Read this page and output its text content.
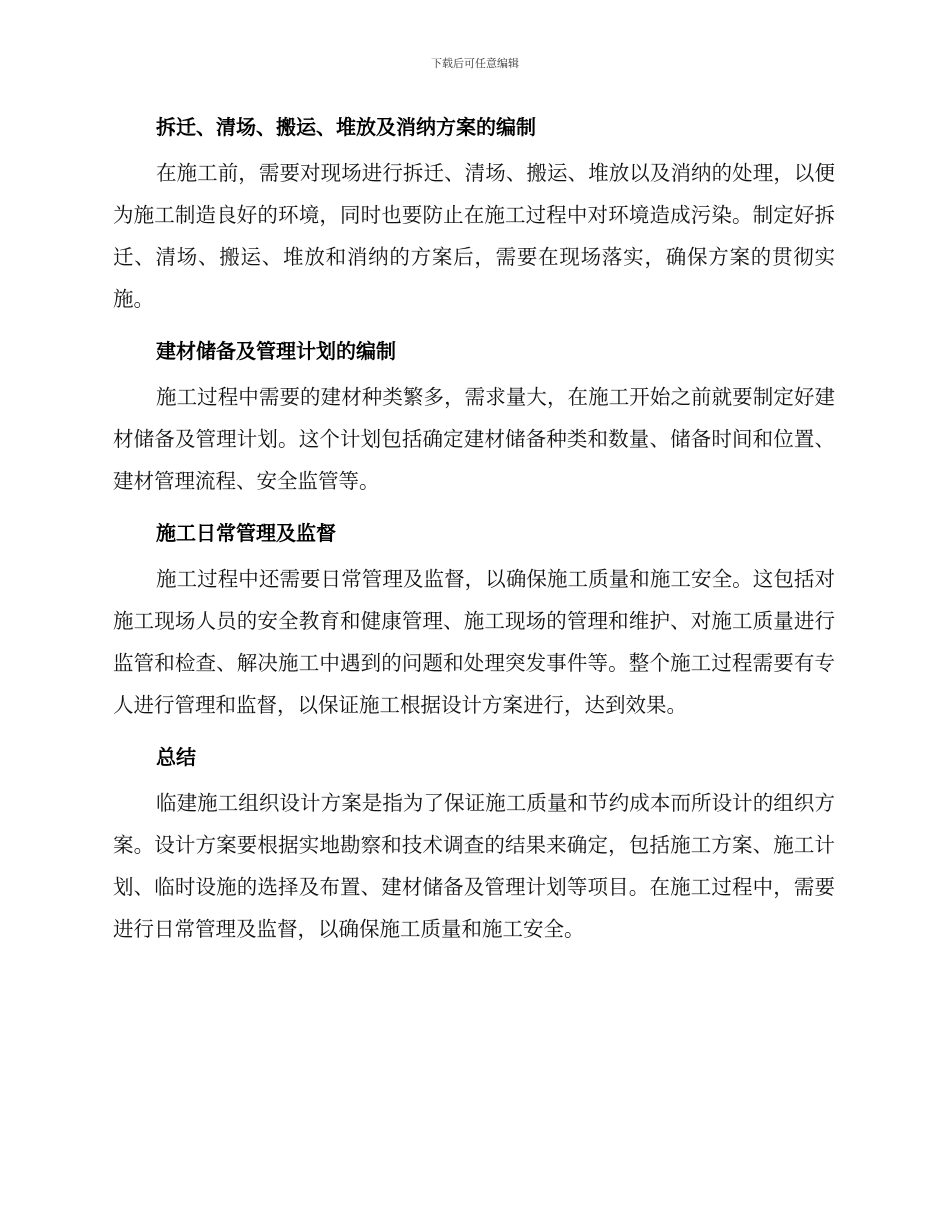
下载后可任意编辑
拆迁、清场、搬运、堆放及消纳方案的编制

在施工前，需要对现场进行拆迁、清场、搬运、堆放以及消纳的处理，以便为施工制造良好的环境，同时也要防止在施工过程中对环境造成污染。制定好拆迁、清场、搬运、堆放和消纳的方案后，需要在现场落实，确保方案的贯彻实施。

建材储备及管理计划的编制

施工过程中需要的建材种类繁多，需求量大，在施工开始之前就要制定好建材储备及管理计划。这个计划包括确定建材储备种类和数量、储备时间和位置、建材管理流程、安全监管等。

施工日常管理及监督

施工过程中还需要日常管理及监督，以确保施工质量和施工安全。这包括对施工现场人员的安全教育和健康管理、施工现场的管理和维护、对施工质量进行监管和检查、解决施工中遇到的问题和处理突发事件等。整个施工过程需要有专人进行管理和监督，以保证施工根据设计方案进行，达到效果。

总结

临建施工组织设计方案是指为了保证施工质量和节约成本而所设计的组织方案。设计方案要根据实地勘察和技术调查的结果来确定，包括施工方案、施工计划、临时设施的选择及布置、建材储备及管理计划等项目。在施工过程中，需要进行日常管理及监督，以确保施工质量和施工安全。
